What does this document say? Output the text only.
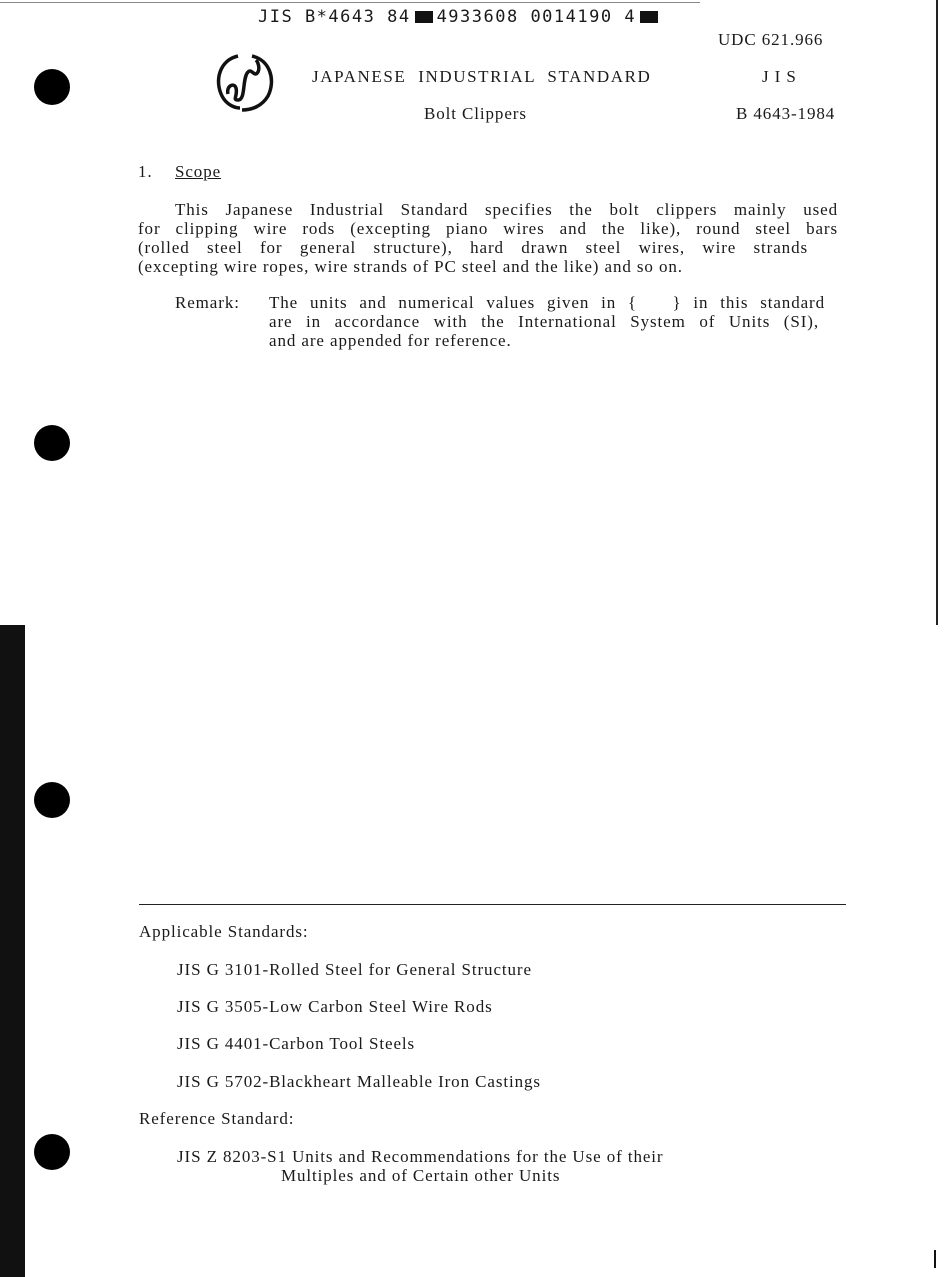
JIS B*4643 84 4933608 0014190 4
UDC 621.966
JAPANESE INDUSTRIAL STANDARD	J I S
Bolt Clippers	B 4643-1984
1. Scope
This Japanese Industrial Standard specifies the bolt clippers mainly used
for clipping wire rods (excepting piano wires and the like), round steel bars
(rolled steel for general structure), hard drawn steel wires, wire strands
(excepting wire ropes, wire strands of PC steel and the like) and so on.
Remark: The units and numerical values given in {   } in this standard
are in accordance with the International System of Units (SI),
and are appended for reference.
Applicable Standards:
JIS G 3101-Rolled Steel for General Structure
JIS G 3505-Low Carbon Steel Wire Rods
JIS G 4401-Carbon Tool Steels
JIS G 5702-Blackheart Malleable Iron Castings
Reference Standard:
JIS Z 8203-S1 Units and Recommendations for the Use of their
Multiples and of Certain other Units
